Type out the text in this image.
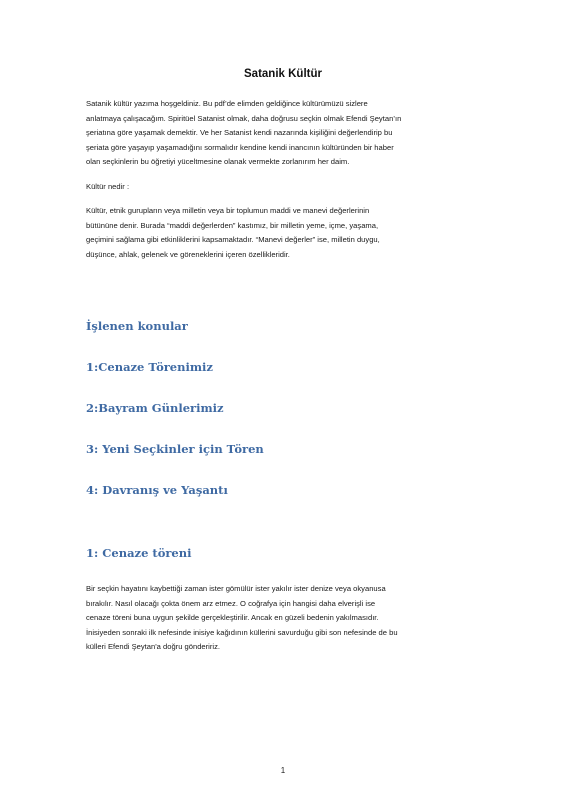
Satanik Kültür
Satanik kültür yazıma hoşgeldiniz. Bu pdf’de elimden geldiğince kültürümüzü sizlere
anlatmaya çalışacağım. Spiritüel Satanist olmak, daha doğrusu seçkin olmak Efendi Şeytan’ın
şeriatına göre yaşamak demektir. Ve her Satanist kendi nazarında kişiliğini değerlendirip bu
şeriata göre yaşayıp yaşamadığını sormalıdır kendine kendi inancının kültüründen bir haber
olan seçkinlerin bu öğretiyi yüceltmesine olanak vermekte zorlanırım her daim.
Kültür nedir :
Kültür, etnik gurupların veya milletin veya bir toplumun maddi ve manevi değerlerinin
bütününe denir. Burada “maddi değerlerden” kastımız, bir milletin yeme, içme, yaşama,
geçimini sağlama gibi etkinliklerini kapsamaktadır. “Manevi değerler” ise, milletin duygu,
düşünce, ahlak, gelenek ve göreneklerini içeren özellikleridir.
İşlenen konular
1:Cenaze Törenimiz
2:Bayram Günlerimiz
3: Yeni Seçkinler için Tören
4: Davranış ve Yaşantı
1: Cenaze töreni
Bir seçkin hayatını kaybettiği zaman ister gömülür ister yakılır ister denize veya okyanusa
bırakılır. Nasıl olacağı çokta önem arz etmez. O coğrafya için hangisi daha elverişli ise
cenaze töreni buna uygun şekilde gerçekleştirilir. Ancak en güzeli bedenin yakılmasıdır.
İnisiyeden sonraki ilk nefesinde inisiye kağıdının küllerini savurduğu gibi son nefesinde de bu
külleri Efendi Şeytan'a doğru göndeririz.
1
